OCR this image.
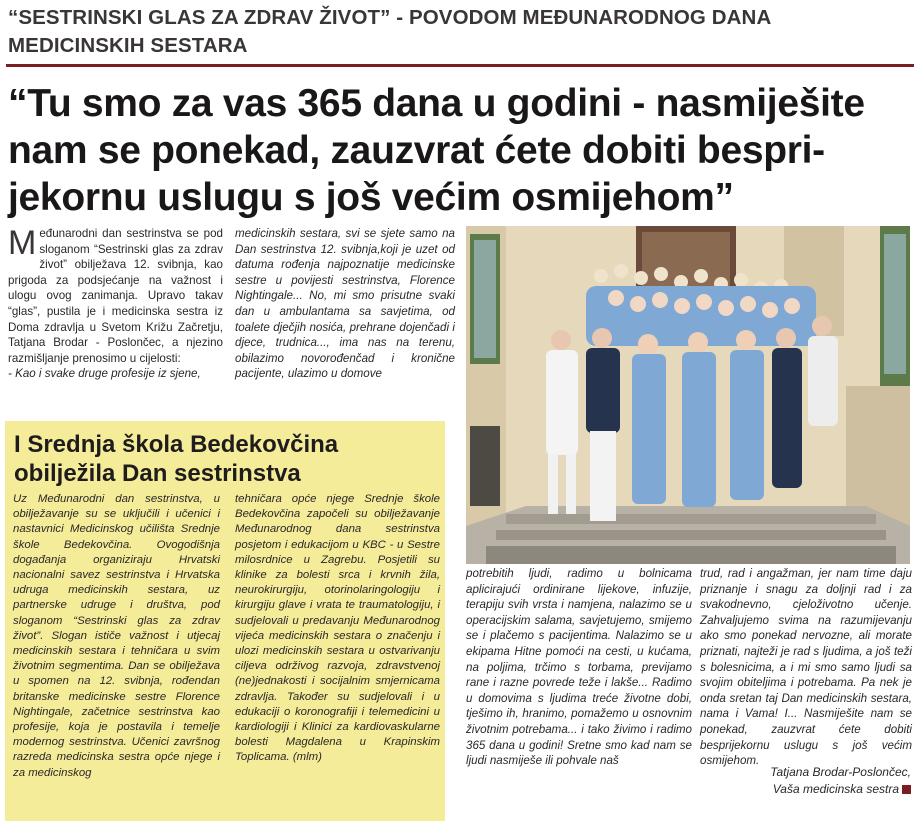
“SESTRINSKI GLAS ZA ZDRAV ŽIVOT” - POVODOM MEĐUNARODNOG DANA MEDICINSKIH SESTARA
“Tu smo za vas 365 dana u godini - nasmiješite nam se ponekad, zauzvrat ćete dobiti bespri-jekornu uslugu s još većim osmijehom”

Međunarodni dan sestrinstva se pod sloganom “Sestrinski glas za zdrav život” obilježava 12. svibnja, kao prigoda za podsjećanje na važnost i ulogu ovog zanimanja. Upravo takav “glas”, pustila je i medicinska sestra iz Doma zdravlja u Svetom Križu Začretju, Tatjana Brodar - Poslončec, a njezino razmišljanje prenosimo u cijelosti:

- Kao i svake druge profesije iz sjene,

medicinskih sestara, svi se sjete samo na Dan sestrinstva 12. svibnja,koji je uzet od datuma rođenja najpoznatije medicinske sestre u povijesti sestrinstva, Florence Nightingale... No, mi smo prisutne svaki dan u ambulantama sa savjetima, od toalete dječjih nosića, prehrane dojenčadi i djece, trudnica..., ima nas na terenu, obilazimo novorođenčad i kronične pacijente, ulazimo u domove

I Srednja škola Bedekovčina obilježila Dan sestrinstva
Uz Međunarodni dan sestrinstva, u obilježavanje su se uključili i učenici i nastavnici Medicinskog učilišta Srednje škole Bedekovčina. Ovogodišnja događanja organiziraju Hrvatski nacionalni savez sestrinstva i Hrvatska udruga medicinskih sestara, uz partnerske udruge i društva, pod sloganom “Sestrinski glas za zdrav život”. Slogan ističe važnost i utjecaj medicinskih sestara i tehničara u svim životnim segmentima. Dan se obilježava u spomen na 12. svibnja, rođendan britanske medicinske sestre Florence Nightingale, začetnice sestrinstva kao profesije, koja je postavila i temelje modernog sestrinstva. Učenici završnog razreda medicinska sestra opće njege i za medicinskog
tehničara opće njege Srednje škole Bedekovčina započeli su obilježavanje Međunarodnog dana sestrinstva posjetom i edukacijom u KBC - u Sestre milosrdnice u Zagrebu. Posjetili su klinike za bolesti srca i krvnih žila, neurokirurgiju, otorinolaringologiju i kirurgiju glave i vrata te traumatologiju, i sudjelovali u predavanju Međunarodnog vijeća medicinskih sestara o značenju i ulozi medicinskih sestara u ostvarivanju ciljeva održivog razvoja, zdravstvenoj (ne)jednakosti i socijalnim smjernicama zdravlja. Također su sudjelovali i u edukaciji o koronografiji i telemedicini u kardiologiji i Klinici za kardiovaskularne bolesti Magdalena u Krapinskim Toplicama. (mlm)
potrebitih ljudi, radimo u bolnicama aplicirajući ordinirane lijekove, infuzije, terapiju svih vrsta i namjena, nalazimo se u operacijskim salama, savjetujemo, smijemo se i plačemo s pacijentima. Nalazimo se u ekipama Hitne pomoći na cesti, u kućama, na poljima, trčimo s torbama, previjamo rane i razne povrede teže i lakše... Radimo u domovima s ljudima treće životne dobi, tješimo ih, hranimo, pomažemo u osnovnim životnim potrebama... i tako živimo i radimo 365 dana u godini! Sretne smo kad nam se ljudi nasmiješe ili pohvale naš
trud, rad i angažman, jer nam time daju priznanje i snagu za doljnji rad i za svakodnevno, cjeloživotno učenje. Zahvaljujemo svima na razumijevanju ako smo ponekad nervozne, ali morate priznati, najteži je rad s ljudima, a još teži s bolesnicima, a i mi smo samo ljudi sa svojim obiteljima i potrebama. Pa nek je onda sretan taj Dan medicinskih sestara, nama i Vama! I... Nasmiješite nam se ponekad, zauzvrat ćete dobiti besprijekornu uslugu s još većim osmijehom.
Tatjana Brodar-Poslončec,
Vaša medicinska sestra
